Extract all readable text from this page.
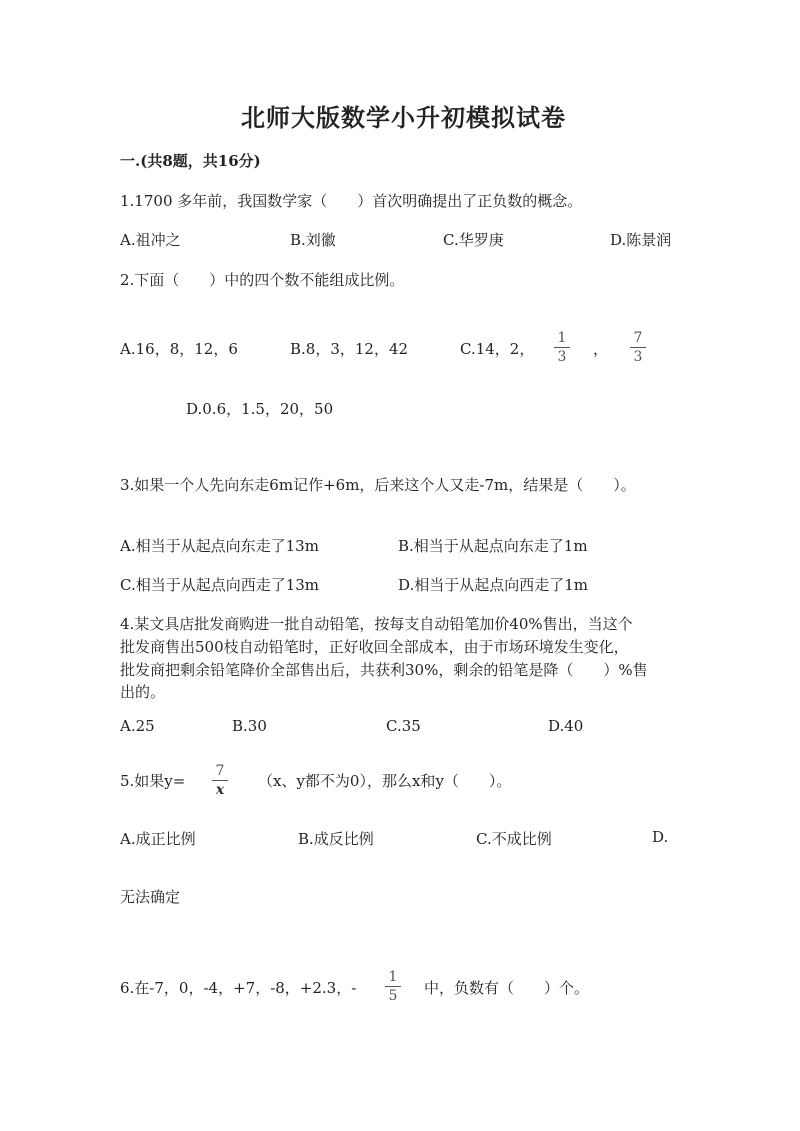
北师大版数学小升初模拟试卷
一.(共8题，共16分)
1.1700 多年前，我国数学家（　　）首次明确提出了正负数的概念。
A.祖冲之	B.刘徽	C.华罗庚	D.陈景润
2.下面（　　）中的四个数不能组成比例。
A.16，8，12，6	B.8，3，12，42	C.14，2，
1
3	，
7
3
D.0.6，1.5，20，50
3.如果一个人先向东走6m记作+6m，后来这个人又走-7m，结果是（　　）。
A.相当于从起点向东走了13m	B.相当于从起点向东走了1m
C.相当于从起点向西走了13m	D.相当于从起点向西走了1m
4.某文具店批发商购进一批自动铅笔，按每支自动铅笔加价40%售出，当这个
批发商售出500枝自动铅笔时，正好收回全部成本，由于市场环境发生变化，
批发商把剩余铅笔降价全部售出后，共获利30%，剩余的铅笔是降（　　）%售
出的。
A.25	B.30	C.35	D.40
5.如果y=
7
x	（x、y都不为0），那么x和y（　　）。
A.成正比例	B.成反比例	C.不成比例	D.
无法确定
6.在-7，0，-4，+7，-8，+2.3，-
1
5	中，负数有（　　）个。
